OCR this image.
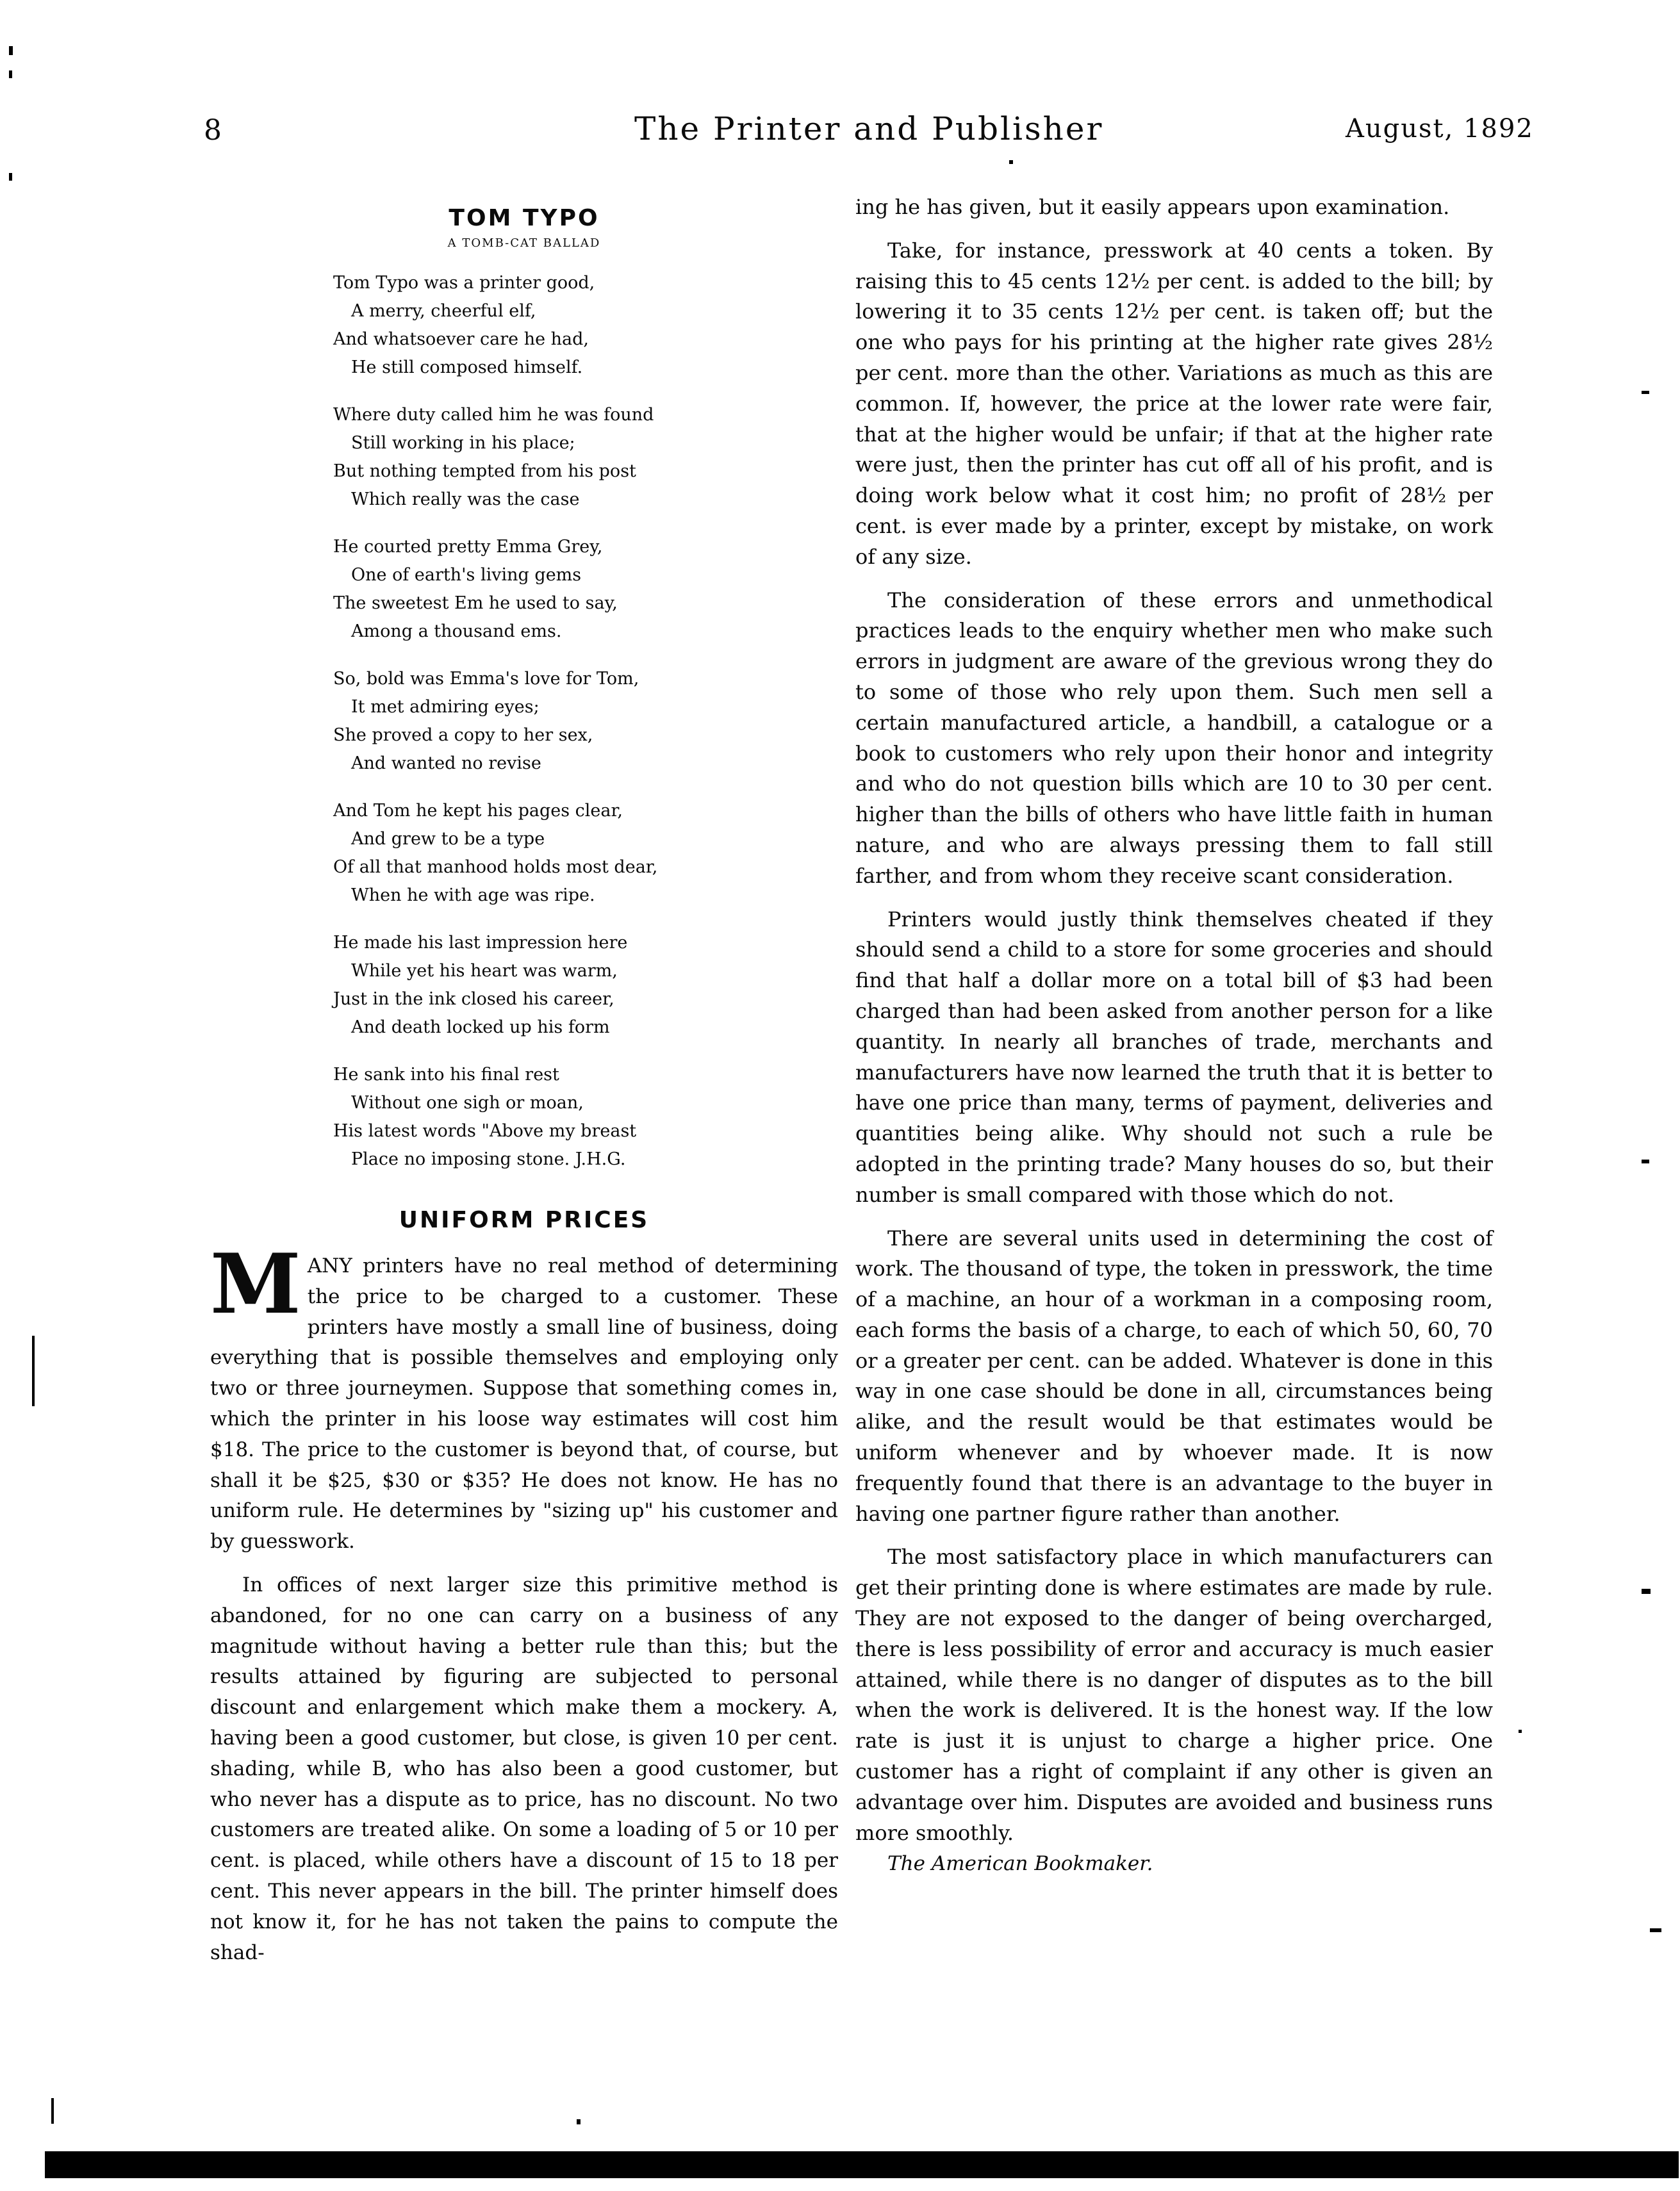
8	The Printer and Publisher	August, 1892
TOM TYPO
A TOMB-CAT BALLAD
Tom Typo was a printer good,
A merry, cheerful elf,
And whatsoever care he had,
He still composed himself.
Where duty called him he was found
Still working in his place;
But nothing tempted from his post
Which really was the case
He courted pretty Emma Grey,
One of earth's living gems
The sweetest Em he used to say,
Among a thousand ems.
So, bold was Emma's love for Tom,
It met admiring eyes;
She proved a copy to her sex,
And wanted no revise
And Tom he kept his pages clear,
And grew to be a type
Of all that manhood holds most dear,
When he with age was ripe.
He made his last impression here
While yet his heart was warm,
Just in the ink closed his career,
And death locked up his form
He sank into his final rest
Without one sigh or moan,
His latest words "Above my breast
Place no imposing stone. J.H.G.
UNIFORM PRICES

MANY printers have no real method of determining the price to be charged to a customer. These printers have mostly a small line of business, doing everything that is possible themselves and employing only two or three journeymen. Suppose that something comes in, which the printer in his loose way estimates will cost him $18. The price to the customer is beyond that, of course, but shall it be $25, $30 or $35? He does not know. He has no uniform rule. He determines by "sizing up" his customer and by guesswork.

In offices of next larger size this primitive method is abandoned, for no one can carry on a business of any magnitude without having a better rule than this; but the results attained by figuring are subjected to personal discount and enlargement which make them a mockery. A, having been a good customer, but close, is given 10 per cent. shading, while B, who has also been a good customer, but who never has a dispute as to price, has no discount. No two customers are treated alike. On some a loading of 5 or 10 per cent. is placed, while others have a discount of 15 to 18 per cent. This never appears in the bill. The printer himself does not know it, for he has not taken the pains to compute the shad-

ing he has given, but it easily appears upon examination.

Take, for instance, presswork at 40 cents a token. By raising this to 45 cents 12½ per cent. is added to the bill; by lowering it to 35 cents 12½ per cent. is taken off; but the one who pays for his printing at the higher rate gives 28½ per cent. more than the other. Variations as much as this are common. If, however, the price at the lower rate were fair, that at the higher would be unfair; if that at the higher rate were just, then the printer has cut off all of his profit, and is doing work below what it cost him; no profit of 28½ per cent. is ever made by a printer, except by mistake, on work of any size.

The consideration of these errors and unmethodical practices leads to the enquiry whether men who make such errors in judgment are aware of the grevious wrong they do to some of those who rely upon them. Such men sell a certain manufactured article, a handbill, a catalogue or a book to customers who rely upon their honor and integrity and who do not question bills which are 10 to 30 per cent. higher than the bills of others who have little faith in human nature, and who are always pressing them to fall still farther, and from whom they receive scant consideration.

Printers would justly think themselves cheated if they should send a child to a store for some groceries and should find that half a dollar more on a total bill of $3 had been charged than had been asked from another person for a like quantity. In nearly all branches of trade, merchants and manufacturers have now learned the truth that it is better to have one price than many, terms of payment, deliveries and quantities being alike. Why should not such a rule be adopted in the printing trade? Many houses do so, but their number is small compared with those which do not.

There are several units used in determining the cost of work. The thousand of type, the token in presswork, the time of a machine, an hour of a workman in a composing room, each forms the basis of a charge, to each of which 50, 60, 70 or a greater per cent. can be added. Whatever is done in this way in one case should be done in all, circumstances being alike, and the result would be that estimates would be uniform whenever and by whoever made. It is now frequently found that there is an advantage to the buyer in having one partner figure rather than another.

The most satisfactory place in which manufacturers can get their printing done is where estimates are made by rule. They are not exposed to the danger of being overcharged, there is less possibility of error and accuracy is much easier attained, while there is no danger of disputes as to the bill when the work is delivered. It is the honest way. If the low rate is just it is unjust to charge a higher price. One customer has a right of complaint if any other is given an advantage over him. Disputes are avoided and business runs more smoothly.

The American Bookmaker.
